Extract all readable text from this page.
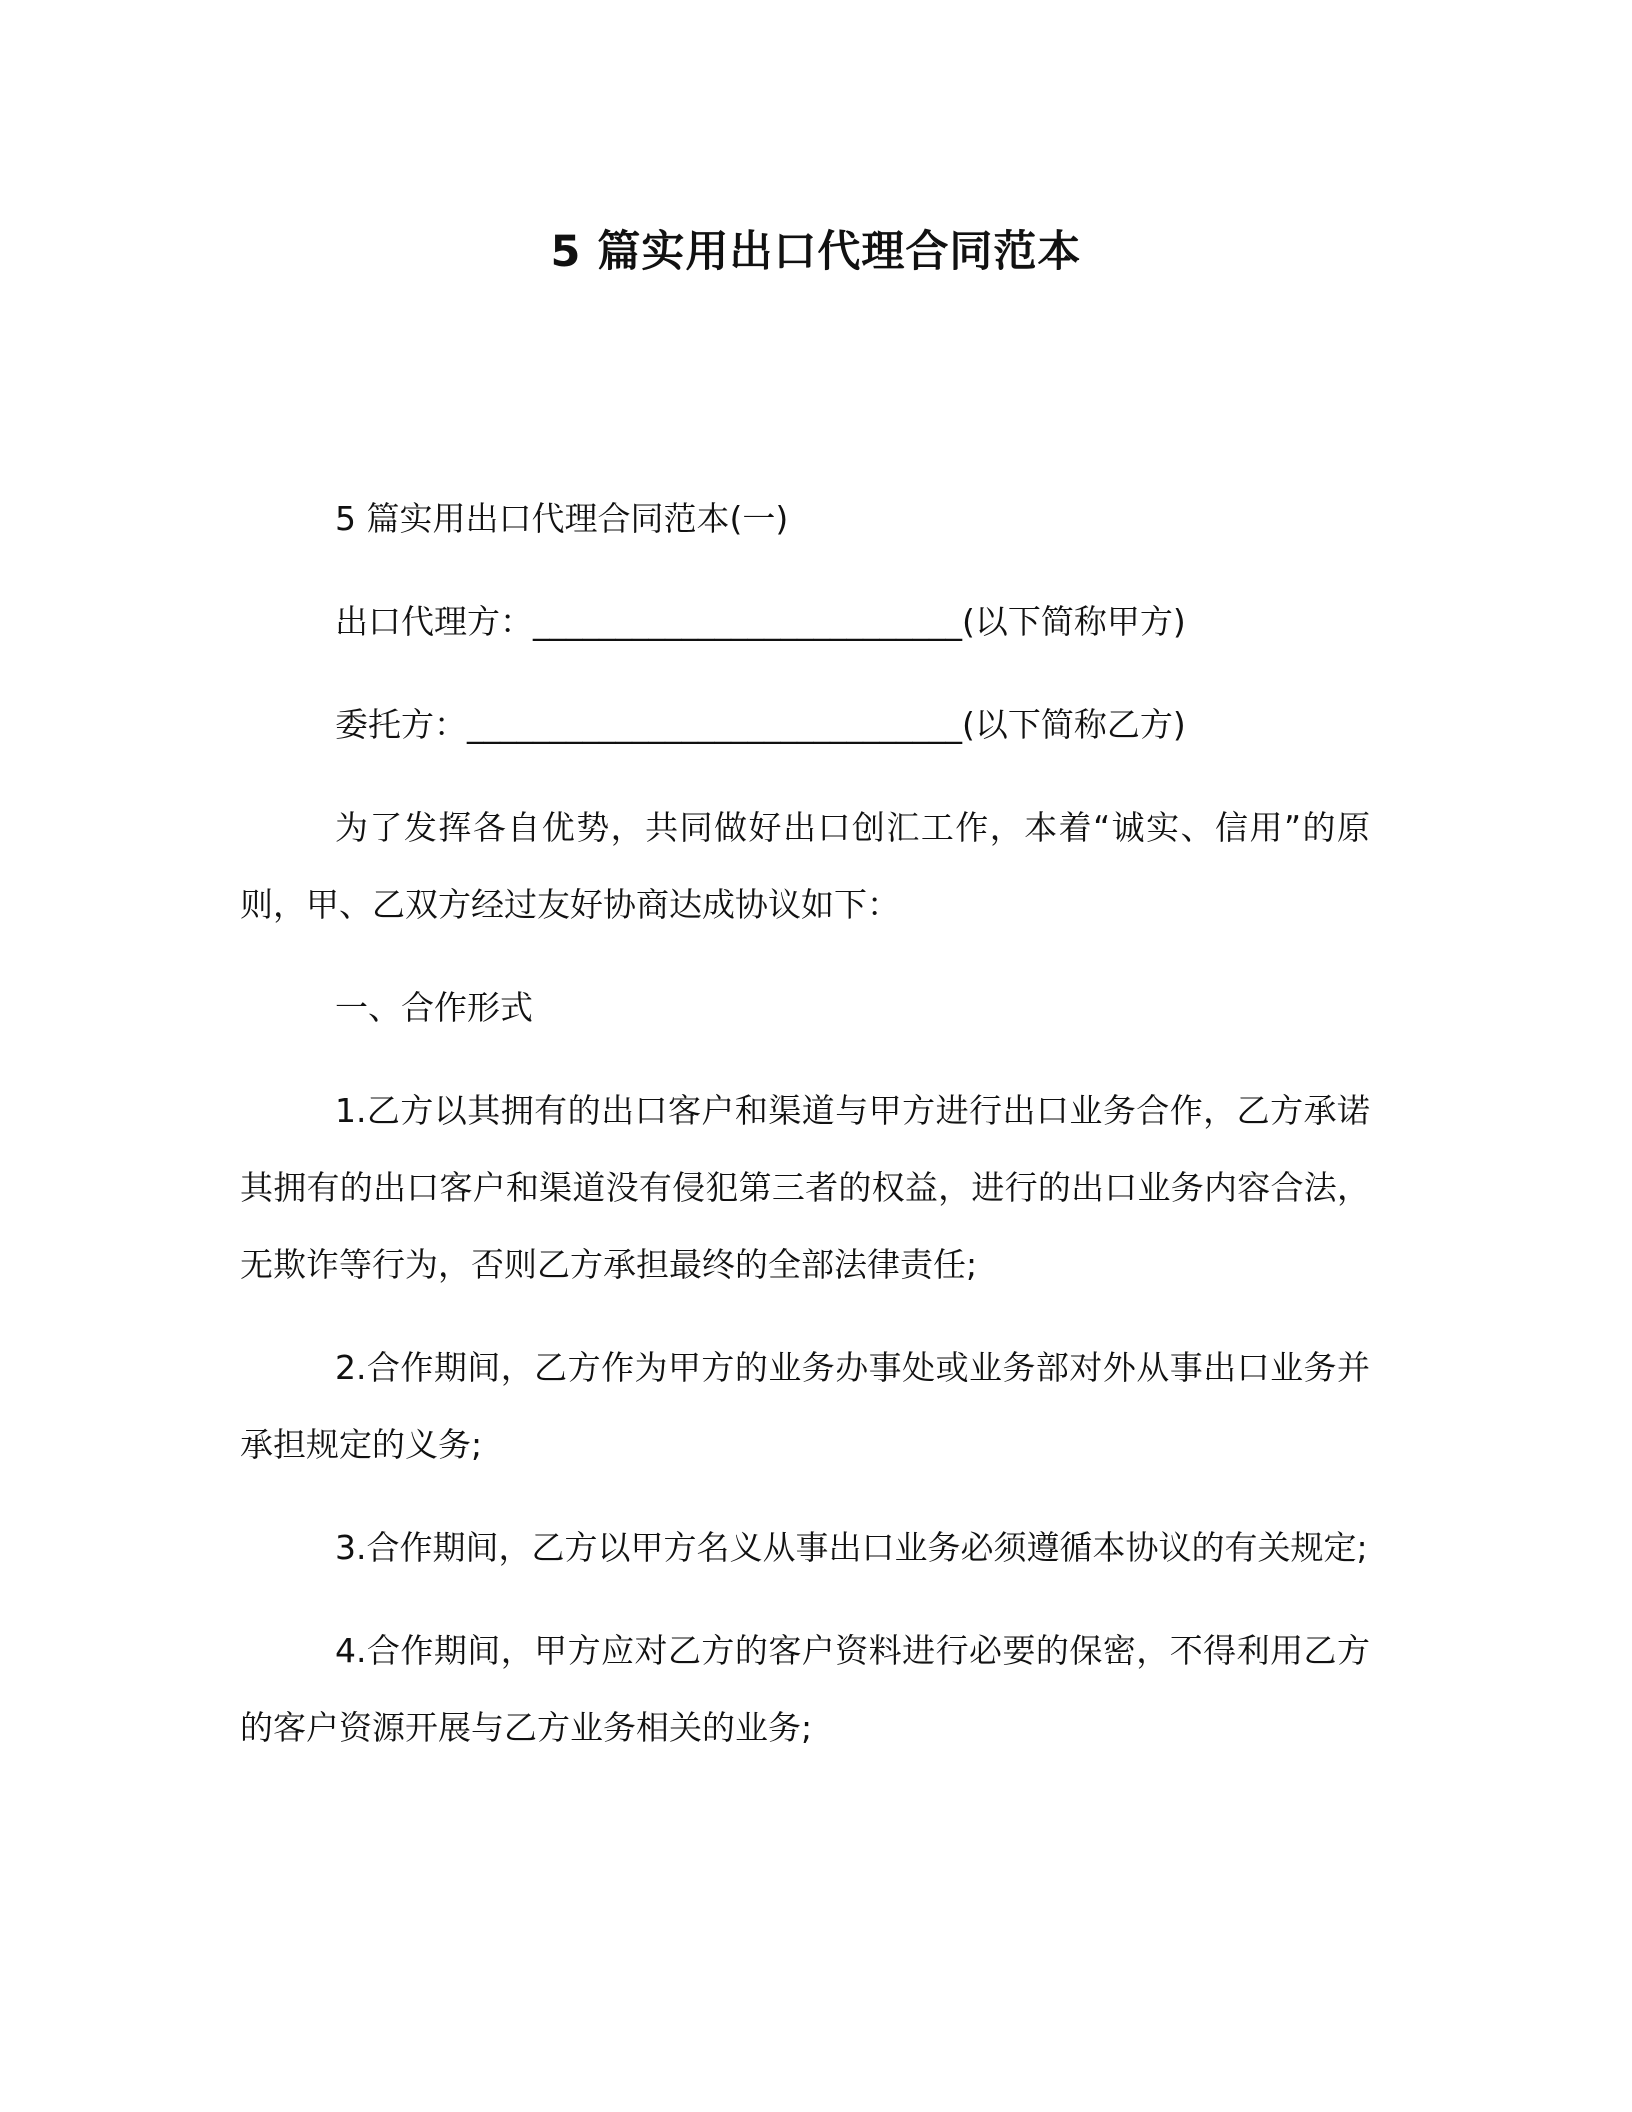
5 篇实用出口代理合同范本

5 篇实用出口代理合同范本(一)

出口代理方：__________________________(以下简称甲方)

委托方：______________________________(以下简称乙方)

为了发挥各自优势，共同做好出口创汇工作，本着“诚实、信用”的原则，甲、乙双方经过友好协商达成协议如下：

一、合作形式

1.乙方以其拥有的出口客户和渠道与甲方进行出口业务合作，乙方承诺其拥有的出口客户和渠道没有侵犯第三者的权益，进行的出口业务内容合法，无欺诈等行为，否则乙方承担最终的全部法律责任;

2.合作期间，乙方作为甲方的业务办事处或业务部对外从事出口业务并承担规定的义务;

3.合作期间，乙方以甲方名义从事出口业务必须遵循本协议的有关规定;

4.合作期间，甲方应对乙方的客户资料进行必要的保密，不得利用乙方的客户资源开展与乙方业务相关的业务;
